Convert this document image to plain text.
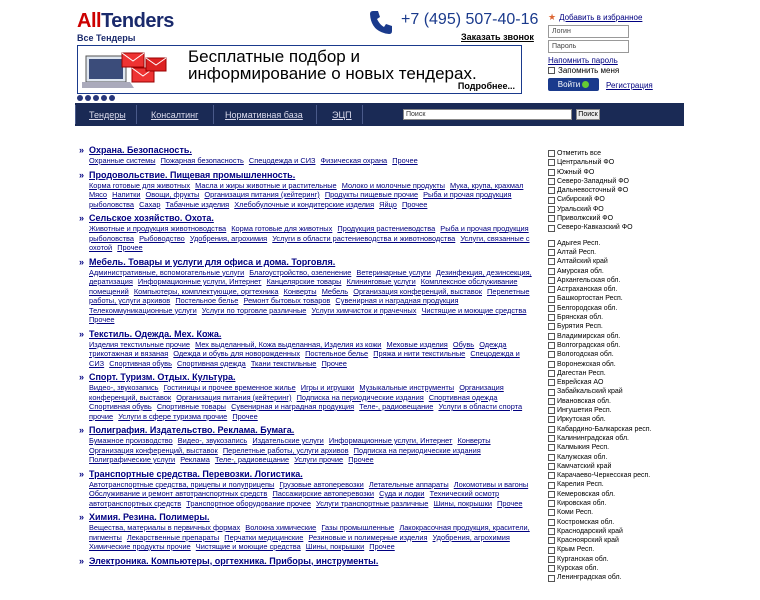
AllTenders
Все Тендеры
+7 (495) 507-40-16
Заказать звонок
Бесплатные подбор и
информирование о новых тендерах.
Подробнее...
★ Добавить в избранное
Логин
Пароль
Напомнить пароль
Запомнить меня
Войти	Регистрация
Тендеры	Консалтинг	Нормативная база	ЭЦП	Поиск	Поиск
» Охрана. Безопасность.
Охранные системы Пожарная безопасность Спецодежда и СИЗ Физическая охрана Прочее
» Продовольствие. Пищевая промышленность.
Корма готовые для животных Масла и жиры животные и растительные Молоко и молочные продукты Мука, крупа, крахмал Мясо Напитки Овощи, фрукты Организация питания (кейтеринг) Продукты пищевые прочие Рыба и прочая продукция рыболовства Сахар Табачные изделия Хлебобулочные и кондитерские изделия Яйцо Прочее
» Сельское хозяйство. Охота.
Животные и продукция животноводства Корма готовые для животных Продукция растениеводства Рыба и прочая продукция рыболовства Рыбоводство Удобрения, агрохимия Услуги в области растениеводства и животноводства Услуги, связанные с охотой Прочее
» Мебель. Товары и услуги для офиса и дома. Торговля.
Административные, вспомогательные услуги Благоустройство, озеленение Ветеринарные услуги Дезинфекция, дезинсекция, дератизация Информационные услуги, Интернет Канцелярские товары Клининговые услуги Комплексное обслуживание помещений Компьютеры, комплектующие, оргтехника Конверты Мебель Организация конференций, выставок Перелетные работы, услуги архивов Постельное белье Ремонт бытовых товаров Сувенирная и наградная продукция Телекоммуникационные услуги Услуги по торговле различные Услуги химчисток и прачечных Чистящие и моющие средства Прочее
» Текстиль. Одежда. Мех. Кожа.
Изделия текстильные прочие Мех выделанный, Кожа выделанная, Изделия из кожи Меховые изделия Обувь Одежда трикотажная и вязаная Одежда и обувь для новорожденных Постельное белье Пряжа и нити текстильные Спецодежда и СИЗ Спортивная обувь Спортивная одежда Ткани текстильные Прочее
» Спорт. Туризм. Отдых. Культура.
Видео-, звукозапись Гостиницы и прочее временное жилье Игры и игрушки Музыкальные инструменты Организация конференций, выставок Организация питания (кейтеринг) Подписка на периодические издания Спортивная одежда Спортивная обувь Спортивные товары Сувенирная и наградная продукция Теле-, радиовещание Услуги в области спорта прочие Услуги в сфере туризма прочие Прочее
» Полиграфия. Издательство. Реклама. Бумага.
Бумажное производство Видео-, звукозапись Издательские услуги Информационные услуги, Интернет Конверты Организация конференций, выставок Перелетные работы, услуги архивов Подписка на периодические издания Полиграфические услуги Реклама Теле-, радиовещание Услуги прочие Прочее
» Транспортные средства. Перевозки. Логистика.
Автотранспортные средства, прицепы и полуприцепы Грузовые автоперевозки Летательные аппараты Локомотивы и вагоны Обслуживание и ремонт автотранспортных средств Пассажирские автоперевозки Суда и лодки Технический осмотр автотранспортных средств Транспортное оборудование прочее Услуги транспортные различные Шины, покрышки Прочее
» Химия. Резина. Полимеры.
Вещества, материалы в первичных формах Волокна химические Газы промышленные Лакокрасочная продукция, красители, пигменты Лекарственные препараты Перчатки медицинские Резиновые и полимерные изделия Удобрения, агрохимия Химические продукты прочие Чистящие и моющие средства Шины, покрышки Прочее
» Электроника. Компьютеры, оргтехника. Приборы, инструменты.
Отметить все
Центральный ФО
Южный ФО
Северо-Западный ФО
Дальневосточный ФО
Сибирский ФО
Уральский ФО
Приволжский ФО
Северо-Кавказский ФО
Адыгея Респ.
Алтай Респ.
Алтайский край
Амурская обл.
Архангельская обл.
Астраханская обл.
Башкортостан Респ.
Белгородская обл.
Брянская обл.
Бурятия Респ.
Владимирская обл.
Волгоградская обл.
Вологодская обл.
Воронежская обл.
Дагестан Респ.
Еврейская АО
Забайкальский край
Ивановская обл.
Ингушетия Респ.
Иркутская обл.
Кабардино-Балкарская респ.
Калининградская обл.
Калмыкия Респ.
Калужская обл.
Камчатский край
Карачаево-Черкесская респ.
Карелия Респ.
Кемеровская обл.
Кировская обл.
Коми Респ.
Костромская обл.
Краснодарский край
Красноярский край
Крым Респ.
Курганская обл.
Курская обл.
Ленинградская обл.
